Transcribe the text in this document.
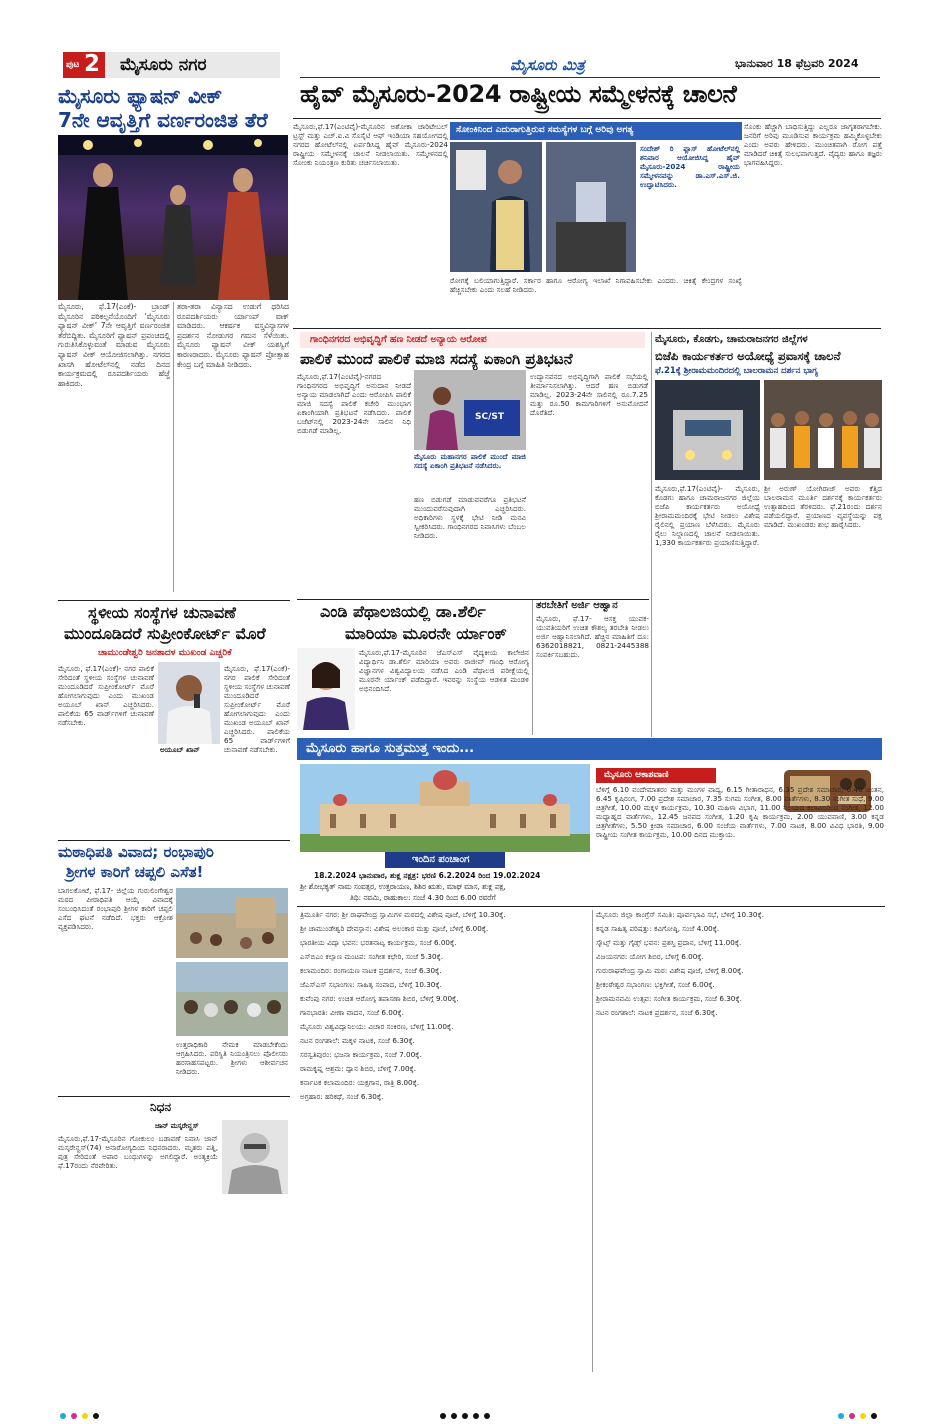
ಪುಟ 2 ಮೈಸೂರು ನಗರ	ಮೈಸೂರು ಮಿತ್ರ	ಭಾನುವಾರ 18 ಫೆಬ್ರವರಿ 2024
ಮೈಸೂರು ಫ್ಯಾಷನ್ ವೀಕ್
7ನೇ ಆವೃತ್ತಿಗೆ ವರ್ಣರಂಜಿತ ತೆರೆ
ಮೈಸೂರು, ಫೆ.17(ಎಂಕೆ)- ಬ್ರಾಂಡ್ ಮೈಸೂರಿನ ಪರಿಕಲ್ಪನೆಯೊಂದಿಗೆ ‘ಮೈಸೂರು ಫ್ಯಾಷನ್ ವೀಕ್’ 7ನೇ ಆವೃತ್ತಿಗೆ ವರ್ಣರಂಜಿತ ತೆರೆಬಿದ್ದಿತು. ಮೈಸೂರಿಗೆ ಫ್ಯಾಷನ್ ಪ್ರಪಂಚದಲ್ಲಿ ಗುರುತಿಸಿಕೊಳ್ಳುವಂತೆ ಮಾಡುವ ಮೈಸೂರು ಫ್ಯಾಷನ್ ವೀಕ್ ಆಯೋಜಿಸಲಾಗಿತ್ತು. ನಗರದ ಖಾಸಗಿ ಹೋಟೆಲ್‍ನಲ್ಲಿ ನಡೆದ ದಿನದ ಕಾರ್ಯಕ್ರಮದಲ್ಲಿ ರೂಪದರ್ಶಿಯರು ಹೆಜ್ಜೆ ಹಾಕಿದರು.
ತರಾ-ತರಾ ವಿನ್ಯಾಸದ ಉಡುಗೆ ಧರಿಸಿದ ರೂಪದರ್ಶಿಯರು ರ್ಯಾಂಪ್ ವಾಕ್ ಮಾಡಿದರು. ಆಕರ್ಷಕ ವಸ್ತ್ರವಿನ್ಯಾಸಗಳ ಪ್ರದರ್ಶನ ನೋಡುಗರ ಗಮನ ಸೆಳೆಯಿತು. ಮೈಸೂರು ಫ್ಯಾಷನ್ ವೀಕ್ ಯಶಸ್ವಿಗೆ ಕಾರಣರಾದರು. ಮೈಸೂರು ಫ್ಯಾಷನ್ ಪ್ರೋತ್ಸಾಹ ಕೇಂದ್ರ ಬಗ್ಗೆ ಮಾಹಿತಿ ನೀಡಿದರು.
ಸ್ಥಳೀಯ ಸಂಸ್ಥೆಗಳ ಚುನಾವಣೆ
ಮುಂದೂಡಿದರೆ ಸುಪ್ರೀಂಕೋರ್ಟ್ ಮೊರೆ
ಚಾಮುಂಡೇಶ್ವರಿ ಜನತಾದಳ ಮುಖಂಡ ಎಚ್ಚರಿಕೆ
ಅಯೂಬ್ ಖಾನ್
ಮೈಸೂರು, ಫೆ.17(ಎಂಕೆ)- ನಗರ ಪಾಲಿಕೆ ಸೇರಿದಂತೆ ಸ್ಥಳೀಯ ಸಂಸ್ಥೆಗಳ ಚುನಾವಣೆ ಮುಂದೂಡಿದರೆ ಸುಪ್ರೀಂಕೋರ್ಟ್ ಮೊರೆ ಹೋಗಲಾಗುವುದು ಎಂದು ಮುಖಂಡ ಅಯೂಬ್ ಖಾನ್ ಎಚ್ಚರಿಸಿದರು. ಪಾಲಿಕೆಯ 65 ವಾರ್ಡ್‍ಗಳಿಗೆ ಚುನಾವಣೆ ನಡೆಸಬೇಕು.
ಮೈಸೂರು, ಫೆ.17(ಎಂಕೆ)- ನಗರ ಪಾಲಿಕೆ ಸೇರಿದಂತೆ ಸ್ಥಳೀಯ ಸಂಸ್ಥೆಗಳ ಚುನಾವಣೆ ಮುಂದೂಡಿದರೆ ಸುಪ್ರೀಂಕೋರ್ಟ್ ಮೊರೆ ಹೋಗಲಾಗುವುದು ಎಂದು ಮುಖಂಡ ಅಯೂಬ್ ಖಾನ್ ಎಚ್ಚರಿಸಿದರು. ಪಾಲಿಕೆಯ 65 ವಾರ್ಡ್‍ಗಳಿಗೆ ಚುನಾವಣೆ ನಡೆಸಬೇಕು.
ಮಠಾಧಿಪತಿ ವಿವಾದ; ರಂಭಾಪುರಿ
ಶ್ರೀಗಳ ಕಾರಿಗೆ ಚಪ್ಪಲಿ ಎಸೆತ!
ಬಾಗಲಕೋಟೆ, ಫೆ.17- ಜಿಲ್ಲೆಯ ಗುರುಲಿಂಗೇಶ್ವರ ಮಠದ ಪೀಠಾಧಿಪತಿ ಆಯ್ಕೆ ವಿವಾದಕ್ಕೆ ಸಂಬಂಧಿಸಿದಂತೆ ರಂಭಾಪುರಿ ಶ್ರೀಗಳ ಕಾರಿಗೆ ಚಪ್ಪಲಿ ಎಸೆದ ಘಟನೆ ನಡೆದಿದೆ. ಭಕ್ತರು ಆಕ್ರೋಶ ವ್ಯಕ್ತಪಡಿಸಿದರು.
ಉತ್ತರಾಧಿಕಾರಿ ನೇಮಕ ಮಾಡಬೇಕೆಂದು ಆಗ್ರಹಿಸಿದರು. ಪರಿಸ್ಥಿತಿ ನಿಯಂತ್ರಿಸಲು ಪೊಲೀಸರು ಹರಸಾಹಸಪಟ್ಟರು. ಶ್ರೀಗಳು ಆಶೀರ್ವಚನ ನೀಡಿದರು.
ನಿಧನ
ಜಾನ್ ಮಸ್ಕರೇನ್ಹಸ್
ಮೈಸೂರು,ಫೆ.17-ಮೈಸೂರಿನ ಗೋಕುಲಂ ಬಡಾವಣೆ ನಿವಾಸಿ ಜಾನ್ ಮಸ್ಕರೇನ್ಹಸ್(74) ಅನಾರೋಗ್ಯದಿಂದ ನಿಧನರಾದರು. ಮೃತರು ಪತ್ನಿ, ಪುತ್ರ ಸೇರಿದಂತೆ ಅಪಾರ ಬಂಧುಗಳನ್ನು ಅಗಲಿದ್ದಾರೆ. ಅಂತ್ಯಕ್ರಿಯೆ ಫೆ.17ರಂದು ನೆರವೇರಿತು.
ಹೈವ್ ಮೈಸೂರು-2024 ರಾಷ್ಟ್ರೀಯ ಸಮ್ಮೇಳನಕ್ಕೆ ಚಾಲನೆ
ಮೈಸೂರು,ಫೆ.17(ಎಂಟಿವೈ)-ಮೈಸೂರಿನ ಅಶೋಕಾ ಚಾರಿಟೇಬಲ್ ಟ್ರಸ್ಟ್ ಮತ್ತು ಎಚ್.ಐ.ವಿ ಸೊಸೈಟಿ ಆಫ್ ಇಂಡಿಯಾ ಸಹಯೋಗದಲ್ಲಿ ನಗರದ ಹೋಟೆಲ್‍ನಲ್ಲಿ ಏರ್ಪಡಿಸಿದ್ದ ಹೈವ್ ಮೈಸೂರು-2024 ರಾಷ್ಟ್ರೀಯ ಸಮ್ಮೇಳನಕ್ಕೆ ಚಾಲನೆ ನೀಡಲಾಯಿತು. ಸಮ್ಮೇಳನದಲ್ಲಿ ಸೋಂಕು ನಿಯಂತ್ರಣ ಕುರಿತು ಚರ್ಚಿಸಲಾಯಿತು.
ಸೋಂಕಿನಿಂದ ಎದುರಾಗುತ್ತಿರುವ ಸಮಸ್ಯೆಗಳ ಬಗ್ಗೆ ಅರಿವು ಅಗತ್ಯ
ಸಂದೇಶ್ ರಿ ಫ್ಲಾಸ್ ಹೋಟೆಲ್‍ನಲ್ಲಿ ಶನಿವಾರ ಆಯೋಜಿಸಿದ್ದ ಹೈವ್ ಮೈಸೂರು-2024 ರಾಷ್ಟ್ರೀಯ ಸಮ್ಮೇಳನವನ್ನು ಡಾ.ಎಸ್.ಎಸ್.ಜಿ. ಉದ್ಘಾಟಿಸಿದರು.
ರೋಗಕ್ಕೆ ಬಲಿಯಾಗುತ್ತಿದ್ದಾರೆ. ಸರ್ಕಾರ ಹಾಗೂ ಆರೋಗ್ಯ ಇಲಾಖೆ ನಿಗಾವಹಿಸಬೇಕು ಎಂದರು. ಚಿಕಿತ್ಸೆ ಕೇಂದ್ರಗಳ ಸಂಖ್ಯೆ ಹೆಚ್ಚಿಸಬೇಕು ಎಂದು ಸಲಹೆ ನೀಡಿದರು.
ಸೊಂಕು ಹೆಚ್ಚಾಗಿ ಬಾಧಿಸುತ್ತಿದ್ದು ಎಲ್ಲರೂ ಜಾಗೃತರಾಗಬೇಕು. ಜನರಿಗೆ ಅರಿವು ಮೂಡಿಸುವ ಕಾರ್ಯಕ್ರಮ ಹಮ್ಮಿಕೊಳ್ಳಬೇಕು ಎಂದು ಅವರು ಹೇಳಿದರು. ಮುಂಚಿತವಾಗಿ ರೋಗ ಪತ್ತೆ ಮಾಡಿದರೆ ಚಿಕಿತ್ಸೆ ಸುಲಭವಾಗುತ್ತದೆ. ವೈದ್ಯರು ಹಾಗೂ ತಜ್ಞರು ಭಾಗವಹಿಸಿದ್ದರು.
ಗಾಂಧಿನಗರದ ಅಭಿವೃದ್ಧಿಗೆ ಹಣ ನೀಡದೆ ಅನ್ಯಾಯ ಆರೋಪ
ಪಾಲಿಕೆ ಮುಂದೆ ಪಾಲಿಕೆ ಮಾಜಿ ಸದಸ್ಯೆ ಏಕಾಂಗಿ ಪ್ರತಿಭಟನೆ
ಮೈಸೂರು,ಫೆ.17(ಎಂಟಿವೈ)-ನಗರದ ಗಾಂಧಿನಗರದ ಅಭಿವೃದ್ಧಿಗೆ ಅನುದಾನ ನೀಡದೆ ಅನ್ಯಾಯ ಮಾಡಲಾಗಿದೆ ಎಂದು ಆರೋಪಿಸಿ ಪಾಲಿಕೆ ಮಾಜಿ ಸದಸ್ಯೆ ಪಾಲಿಕೆ ಕಚೇರಿ ಮುಂಭಾಗ ಏಕಾಂಗಿಯಾಗಿ ಪ್ರತಿಭಟನೆ ನಡೆಸಿದರು. ಪಾಲಿಕೆ ಬಜೆಟ್‍ನಲ್ಲಿ 2023-24ನೇ ಸಾಲಿನ ನಿಧಿ ಬಿಡುಗಡೆ ಮಾಡಿಲ್ಲ.
SC/ST
ಮೈಸೂರು ಮಹಾನಗರ ಪಾಲಿಕೆ ಮುಂದೆ ಮಾಜಿ ಸದಸ್ಯೆ ಏಕಾಂಗಿ ಪ್ರತಿಭಟನೆ ನಡೆಸಿದರು.
ಹಣ ಬಿಡುಗಡೆ ಮಾಡುವವರೆಗೂ ಪ್ರತಿಭಟನೆ ಮುಂದುವರೆಸುವುದಾಗಿ ಎಚ್ಚರಿಸಿದರು. ಅಧಿಕಾರಿಗಳು ಸ್ಥಳಕ್ಕೆ ಭೇಟಿ ನೀಡಿ ಮನವಿ ಸ್ವೀಕರಿಸಿದರು. ಗಾಂಧಿನಗರದ ನಿವಾಸಿಗಳು ಬೆಂಬಲ ನೀಡಿದರು.
ಉದ್ಯಾನವನದ ಅಭಿವೃದ್ಧಿಗಾಗಿ ಪಾಲಿಕೆ ಸಭೆಯಲ್ಲಿ ತೀರ್ಮಾನಿಸಲಾಗಿತ್ತು. ಆದರೆ ಹಣ ಬಿಡುಗಡೆ ಮಾಡಿಲ್ಲ. 2023-24ನೇ ಸಾಲಿನಲ್ಲಿ ರೂ.7.25 ಮತ್ತು ರೂ.50 ಕಾಮಗಾರಿಗಳಿಗೆ ಅನುಮೋದನೆ ದೊರೆತಿದೆ.
ಮೈಸೂರು, ಕೊಡಗು, ಚಾಮರಾಜನಗರ ಜಿಲ್ಲೆಗಳ
ಬಿಜೆಪಿ ಕಾರ್ಯಕರ್ತರ ಅಯೋಧ್ಯೆ ಪ್ರವಾಸಕ್ಕೆ ಚಾಲನೆ
ಫೆ.21ಕ್ಕೆ ಶ್ರೀರಾಮಮಂದಿರದಲ್ಲಿ ಬಾಲರಾಮನ ದರ್ಶನ ಭಾಗ್ಯ
ಮೈಸೂರು,ಫೆ.17(ಎಂಟಿವೈ)- ಮೈಸೂರು, ಕೊಡಗು ಹಾಗೂ ಚಾಮರಾಜನಗರ ಜಿಲ್ಲೆಯ ಬಿಜೆಪಿ ಕಾರ್ಯಕರ್ತರು ಅಯೋಧ್ಯೆ ಶ್ರೀರಾಮಮಂದಿರಕ್ಕೆ ಭೇಟಿ ನೀಡಲು ವಿಶೇಷ ರೈಲಿನಲ್ಲಿ ಪ್ರಯಾಣ ಬೆಳೆಸಿದರು. ಮೈಸೂರು ರೈಲು ನಿಲ್ದಾಣದಲ್ಲಿ ಚಾಲನೆ ನೀಡಲಾಯಿತು. 1,330 ಕಾರ್ಯಕರ್ತರು ಪ್ರಯಾಣಿಸುತ್ತಿದ್ದಾರೆ.
ಶ್ರೀ ಅರುಣ್ ಯೋಗಿರಾಜ್ ಅವರು ಕೆತ್ತಿದ ಬಾಲರಾಮನ ಮೂರ್ತಿ ದರ್ಶನಕ್ಕೆ ಕಾರ್ಯಕರ್ತರು ಉತ್ಸಾಹದಿಂದ ತೆರಳಿದರು. ಫೆ.21ರಂದು ದರ್ಶನ ಪಡೆಯಲಿದ್ದಾರೆ. ಪ್ರಯಾಣದ ವ್ಯವಸ್ಥೆಯನ್ನು ಪಕ್ಷ ಮಾಡಿದೆ. ಮುಖಂಡರು ಶುಭ ಹಾರೈಸಿದರು.
ಎಂಡಿ ಪೆಥಾಲಜಿಯಲ್ಲಿ ಡಾ.ಶೆರ್ಲಿ
ಮಾರಿಯಾ ಮೂರನೇ ರ್ಯಾಂಕ್
ಮೈಸೂರು,ಫೆ.17-ಮೈಸೂರಿನ ಜೆಎಸ್‍ಎಸ್ ವೈದ್ಯಕೀಯ ಕಾಲೇಜಿನ ವಿದ್ಯಾರ್ಥಿನಿ ಡಾ.ಶೆರ್ಲಿ ಮಾರಿಯಾ ಅವರು ರಾಜೀವ್ ಗಾಂಧಿ ಆರೋಗ್ಯ ವಿಜ್ಞಾನಗಳ ವಿಶ್ವವಿದ್ಯಾಲಯ ನಡೆಸಿದ ಎಂಡಿ ಪೆಥಾಲಜಿ ಪರೀಕ್ಷೆಯಲ್ಲಿ ಮೂರನೇ ರ್ಯಾಂಕ್ ಪಡೆದಿದ್ದಾರೆ. ಇವರನ್ನು ಸಂಸ್ಥೆಯ ಆಡಳಿತ ಮಂಡಳಿ ಅಭಿನಂದಿಸಿದೆ.
ತರಬೇತಿಗೆ ಅರ್ಜಿ ಆಹ್ವಾನ
ಮೈಸೂರು, ಫೆ.17- ಆಸಕ್ತ ಯುವಕ-ಯುವತಿಯರಿಗೆ ಉಚಿತ ಕೌಶಲ್ಯ ತರಬೇತಿ ನೀಡಲು ಅರ್ಜಿ ಆಹ್ವಾನಿಸಲಾಗಿದೆ. ಹೆಚ್ಚಿನ ಮಾಹಿತಿಗೆ ದೂ: 6362018821, 0821-2445388 ಸಂಪರ್ಕಿಸಬಹುದು.
ಮೈಸೂರು ಹಾಗೂ ಸುತ್ತಮುತ್ತ ಇಂದು...
ಇಂದಿನ ಪಂಚಾಂಗ
18.2.2024 ಭಾನುವಾರ, ಶುಕ್ಲ ನಕ್ಷತ್ರ: ಭರಣಿ 6.2.2024 ರಿಂದ 19.02.2024
ಶ್ರೀ ಶೋಭಕೃತ್ ನಾಮ ಸಂವತ್ಸರ, ಉತ್ತರಾಯಣ, ಶಿಶಿರ ಋತು, ಮಾಘ ಮಾಸ, ಶುಕ್ಲ ಪಕ್ಷ,
ತಿಥಿ: ನವಮಿ, ರಾಹುಕಾಲ: ಸಂಜೆ 4.30 ರಿಂದ 6.00 ರವರೆಗೆ
ಮೈಸೂರು ಆಕಾಶವಾಣಿ
ಬೆಳಿಗ್ಗೆ 6.10 ವಂದೇಮಾತರಂ ಮತ್ತು ಮಂಗಳ ವಾದ್ಯ, 6.15 ಗೀತಾರಾಧನ, 6.35 ಪ್ರದೇಶ ಸಮಾಚಾರ, 6.40 ಚಿಂತನ, 6.45 ಕೃಷಿರಂಗ, 7.00 ಪ್ರದೇಶ ಸಮಾಚಾರ, 7.35 ಸುಗಮ ಸಂಗೀತ, 8.00 ವಾರ್ತೆಗಳು, 8.30 ಸಂಗೀತ ಸುಧೆ, 9.00 ಚಿತ್ರಗೀತೆ, 10.00 ಮಕ್ಕಳ ಕಾರ್ಯಕ್ರಮ, 10.30 ಮಹಿಳಾ ವಿಭಾಗ, 11.00 ನಿಲಯದ ಕಲಾವಿದರಿಂದ ಸಂಗೀತ, 12.00 ಮಧ್ಯಾಹ್ನದ ವಾರ್ತೆಗಳು, 12.45 ಜನಪದ ಸಂಗೀತ, 1.20 ಕೃಷಿ ಕಾರ್ಯಕ್ರಮ, 2.00 ಯುವವಾಣಿ, 3.00 ಕನ್ನಡ ಚಿತ್ರಗೀತೆಗಳು, 5.50 ಕ್ರೀಡಾ ಸಮಾಚಾರ, 6.00 ಸಂಜೆಯ ವಾರ್ತೆಗಳು, 7.00 ನಾಟಕ, 8.00 ವಿವಿಧ ಭಾರತಿ, 9.00 ರಾಷ್ಟ್ರೀಯ ಸಂಗೀತ ಕಾರ್ಯಕ್ರಮ, 10.00 ದಿನದ ಮುಕ್ತಾಯ.
ತ್ರಿಮೂರ್ತಿ ನಗರ: ಶ್ರೀ ರಾಘವೇಂದ್ರ ಸ್ವಾಮಿಗಳ ಮಠದಲ್ಲಿ ವಿಶೇಷ ಪೂಜೆ, ಬೆಳಿಗ್ಗೆ 10.30ಕ್ಕೆ.
ಶ್ರೀ ಚಾಮುಂಡೇಶ್ವರಿ ದೇವಸ್ಥಾನ: ವಿಶೇಷ ಅಲಂಕಾರ ಮತ್ತು ಪೂಜೆ, ಬೆಳಿಗ್ಗೆ 6.00ಕ್ಕೆ.
ಭಾರತೀಯ ವಿದ್ಯಾ ಭವನ: ಭರತನಾಟ್ಯ ಕಾರ್ಯಕ್ರಮ, ಸಂಜೆ 6.00ಕ್ಕೆ.
ಎಸ್‍ಬಿಎಂ ಕಲ್ಯಾಣ ಮಂಟಪ: ಸಂಗೀತ ಕಛೇರಿ, ಸಂಜೆ 5.30ಕ್ಕೆ.
ಕಲಾಮಂದಿರ: ರಂಗಾಯಣ ನಾಟಕ ಪ್ರದರ್ಶನ, ಸಂಜೆ 6.30ಕ್ಕೆ.
ಜೆಎಸ್‍ಎಸ್ ಸಭಾಂಗಣ: ಸಾಹಿತ್ಯ ಸಂವಾದ, ಬೆಳಿಗ್ಗೆ 10.30ಕ್ಕೆ.
ಕುವೆಂಪು ನಗರ: ಉಚಿತ ಆರೋಗ್ಯ ತಪಾಸಣಾ ಶಿಬಿರ, ಬೆಳಿಗ್ಗೆ 9.00ಕ್ಕೆ.
ಗಾನಭಾರತಿ: ವೀಣಾ ವಾದನ, ಸಂಜೆ 6.00ಕ್ಕೆ.
ಮೈಸೂರು ವಿಶ್ವವಿದ್ಯಾನಿಲಯ: ವಿಚಾರ ಸಂಕಿರಣ, ಬೆಳಿಗ್ಗೆ 11.00ಕ್ಕೆ.
ನಟನ ರಂಗಶಾಲೆ: ಮಕ್ಕಳ ನಾಟಕ, ಸಂಜೆ 6.30ಕ್ಕೆ.
ಸರಸ್ವತಿಪುರಂ: ಭಜನಾ ಕಾರ್ಯಕ್ರಮ, ಸಂಜೆ 7.00ಕ್ಕೆ.
ರಾಮಕೃಷ್ಣ ಆಶ್ರಮ: ಧ್ಯಾನ ಶಿಬಿರ, ಬೆಳಿಗ್ಗೆ 7.00ಕ್ಕೆ.
ಕರ್ನಾಟಕ ಕಲಾಮಂದಿರ: ಯಕ್ಷಗಾನ, ರಾತ್ರಿ 8.00ಕ್ಕೆ.
ಅಗ್ರಹಾರ: ಹರಿಕಥೆ, ಸಂಜೆ 6.30ಕ್ಕೆ.
ಮೈಸೂರು ಜಿಲ್ಲಾ ಕಾಂಗ್ರೆಸ್ ಸಮಿತಿ: ಪೂರ್ವಭಾವಿ ಸಭೆ, ಬೆಳಿಗ್ಗೆ 10.30ಕ್ಕೆ.
ಕನ್ನಡ ಸಾಹಿತ್ಯ ಪರಿಷತ್ತು: ಕವಿಗೋಷ್ಠಿ, ಸಂಜೆ 4.00ಕ್ಕೆ.
ಸ್ಕೌಟ್ಸ್ ಮತ್ತು ಗೈಡ್ಸ್ ಭವನ: ಪ್ರಶಸ್ತಿ ಪ್ರದಾನ, ಬೆಳಿಗ್ಗೆ 11.00ಕ್ಕೆ.
ವಿಜಯನಗರ: ಯೋಗ ಶಿಬಿರ, ಬೆಳಿಗ್ಗೆ 6.00ಕ್ಕೆ.
ಗುರುರಾಘವೇಂದ್ರ ಸ್ವಾಮಿ ಮಠ: ವಿಶೇಷ ಪೂಜೆ, ಬೆಳಿಗ್ಗೆ 8.00ಕ್ಕೆ.
ಶ್ರೀಕಂಠೇಶ್ವರ ಸಭಾಂಗಣ: ಭಕ್ತಿಗೀತೆ, ಸಂಜೆ 6.00ಕ್ಕೆ.
ಶ್ರೀರಾಮನವಮಿ ಉತ್ಸವ: ಸಂಗೀತ ಕಾರ್ಯಕ್ರಮ, ಸಂಜೆ 6.30ಕ್ಕೆ.
ನಟನ ರಂಗಶಾಲೆ: ನಾಟಕ ಪ್ರದರ್ಶನ, ಸಂಜೆ 6.30ಕ್ಕೆ.
